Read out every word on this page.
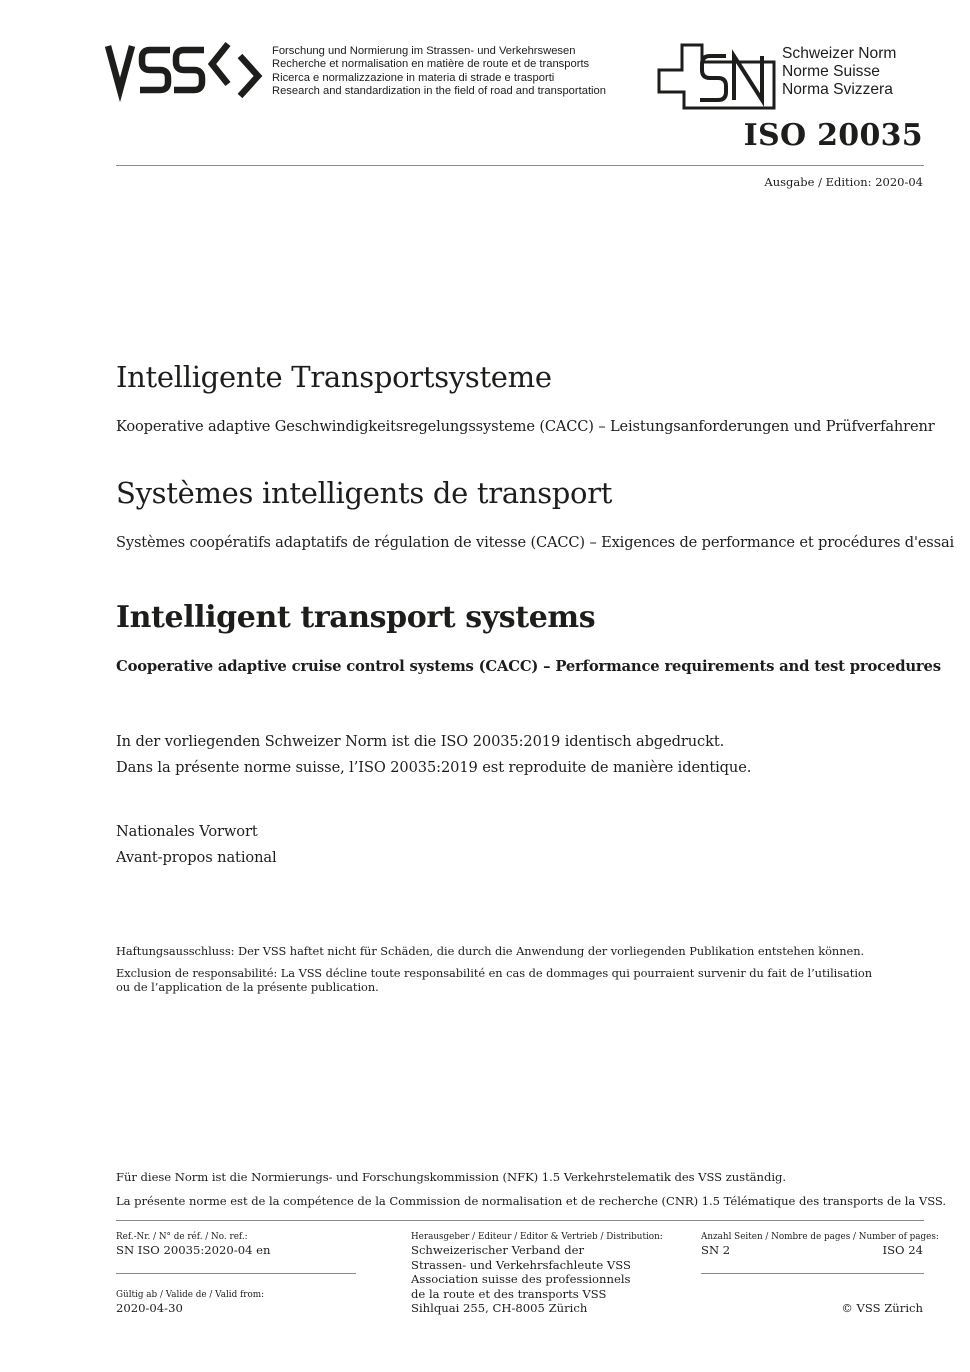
Forschung und Normierung im Strassen- und Verkehrswesen
Recherche et normalisation en matière de route et de transports
Ricerca e normalizzazione in materia di strade e trasporti
Research and standardization in the field of road and transportation
Schweizer Norm
Norme Suisse
Norma Svizzera
ISO 20035
Ausgabe / Edition: 2020-04
Intelligente Transportsysteme
Kooperative adaptive Geschwindigkeitsregelungssysteme (CACC) – Leistungsanforderungen und Prüfverfahrenr
Systèmes intelligents de transport
Systèmes coopératifs adaptatifs de régulation de vitesse (CACC) – Exigences de performance et procédures d'essai
Intelligent transport systems
Cooperative adaptive cruise control systems (CACC) – Performance requirements and test procedures
In der vorliegenden Schweizer Norm ist die ISO 20035:2019 identisch abgedruckt.
Dans la présente norme suisse, l’ISO 20035:2019 est reproduite de manière identique.
Nationales Vorwort
Avant-propos national
Haftungsausschluss: Der VSS haftet nicht für Schäden, die durch die Anwendung der vorliegenden Publikation entstehen können.
Exclusion de responsabilité: La VSS décline toute responsabilité en cas de dommages qui pourraient survenir du fait de l’utilisation
ou de l’application de la présente publication.
Für diese Norm ist die Normierungs- und Forschungskommission (NFK) 1.5 Verkehrstelematik des VSS zuständig.
La présente norme est de la compétence de la Commission de normalisation et de recherche (CNR) 1.5 Télématique des transports de la VSS.
Ref.-Nr. / N° de réf. / No. ref.:
SN ISO 20035:2020-04 en
Gültig ab / Valide de / Valid from:
2020-04-30
Herausgeber / Editeur / Editor & Vertrieb / Distribution:
Schweizerischer Verband der
Strassen- und Verkehrsfachleute VSS
Association suisse des professionnels
de la route et des transports VSS
Sihlquai 255, CH-8005 Zürich
Anzahl Seiten / Nombre de pages / Number of pages:
SN 2	ISO 24
© VSS Zürich
